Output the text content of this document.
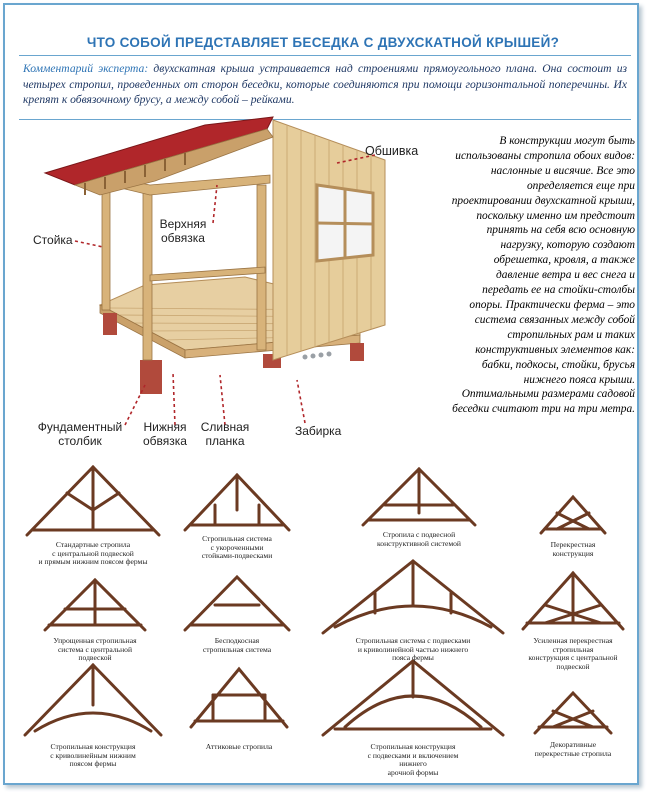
ЧТО СОБОЙ ПРЕДСТАВЛЯЕТ БЕСЕДКА С ДВУХСКАТНОЙ КРЫШЕЙ?
Комментарий эксперта: двухскатная крыша устраивается над строениями прямоугольного плана. Она состоит из четырех стропил, проведенных от сторон беседки, которые соединяются при помощи горизонтальной поперечины. Их крепят к обвязочному брусу, а между собой – рейками.
Обшивка
Верхняя
обвязка
Стойка
Фундаментный
столбик
Нижняя
обвязка
Сливная
планка
Забирка
В конструкции могут быть
использованы стропила обоих видов:
наслонные и висячие. Все это
определяется еще при
проектировании двухскатной крыши,
поскольку именно им предстоит
принять на себя всю основную
нагрузку, которую создают
обрешетка, кровля, а также
давление ветра и вес снега и
передать ее на стойки-столбы
опоры. Практически ферма – это
система связанных между собой
стропильных рам и таких
конструктивных элементов как:
бабки, подкосы, стойки, брусья
нижнего пояса крыши.
Оптимальными размерами садовой
беседки считают три на три метра.
Стандартные стропила
с центральной подвеской
и прямым нижним поясом фермы
Стропильная система
с укороченными
стойками-подвесками
Стропила с подвесной
конструктивной системой	Перекрестная
конструкция
Упрощенная стропильная
система с центральной
подвеской
Бесподкосная
стропильная система
Стропильная система с подвесками
и криволинейной частью нижнего
пояса фермы
Усиленная перекрестная
стропильная
конструкция с центральной
подвеской
Стропильная конструкция
с криволинейным нижним
поясом фермы
Аттиковые стропила	Стропильная конструкция
с подвесками и включением
нижнего
арочной формы
Декоративные
перекрестные стропила
